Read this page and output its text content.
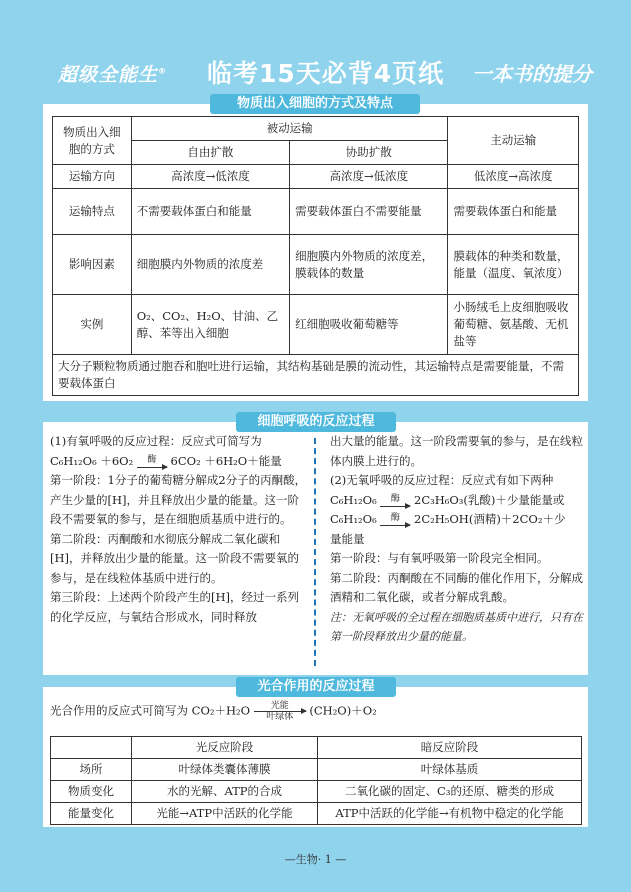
超级全能生® 临考15天必背4页纸 一本书的提分
物质出入细胞的方式及特点
物质出入细胞的方式	被动运输		主动运输
	自由扩散	协助扩散	
运输方向	高浓度→低浓度	高浓度→低浓度	低浓度→高浓度
运输特点	不需要载体蛋白和能量	需要载体蛋白不需要能量	需要载体蛋白和能量
影响因素	细胞膜内外物质的浓度差	细胞膜内外物质的浓度差，膜载体的数量	膜载体的种类和数量，能量（温度、氧浓度）
实例	O₂、CO₂、H₂O、甘油、乙醇、苯等出入细胞	红细胞吸收葡萄糖等	小肠绒毛上皮细胞吸收葡萄糖、氨基酸、无机盐等
大分子颗粒物质通过胞吞和胞吐进行运输，其结构基础是膜的流动性，其运输特点是需要能量，不需要载体蛋白			
细胞呼吸的反应过程

(1)有氧呼吸的反应过程：反应式可简写为

C₆H₁₂O₆ ＋6O₂ 酶 6CO₂ ＋6H₂O＋能量

第一阶段：1分子的葡萄糖分解成2分子的丙酮酸，产生少量的[H]，并且释放出少量的能量。这一阶段不需要氧的参与，是在细胞质基质中进行的。

第二阶段：丙酮酸和水彻底分解成二氧化碳和[H]，并释放出少量的能量。这一阶段不需要氧的参与，是在线粒体基质中进行的。

第三阶段：上述两个阶段产生的[H]，经过一系列的化学反应，与氧结合形成水，同时释放

出大量的能量。这一阶段需要氧的参与，是在线粒体内膜上进行的。

(2)无氧呼吸的反应过程：反应式有如下两种

C₆H₁₂O₆ 酶 2C₃H₆O₃(乳酸)＋少量能量或

C₆H₁₂O₆ 酶 2C₂H₅OH(酒精)＋2CO₂＋少

量能量

第一阶段：与有氧呼吸第一阶段完全相同。

第二阶段：丙酮酸在不同酶的催化作用下，分解成酒精和二氧化碳，或者分解成乳酸。

注：无氧呼吸的全过程在细胞质基质中进行，只有在第一阶段释放出少量的能量。

光合作用的反应过程
光合作用的反应式可简写为 CO₂＋H₂O	光能
叶绿体	(CH₂O)＋O₂
	光反应阶段	暗反应阶段
场所	叶绿体类囊体薄膜	叶绿体基质
物质变化	水的光解、ATP的合成	二氧化碳的固定、C₃的还原、糖类的形成
能量变化	光能→ATP中活跃的化学能	ATP中活跃的化学能→有机物中稳定的化学能
—生物· 1 —
